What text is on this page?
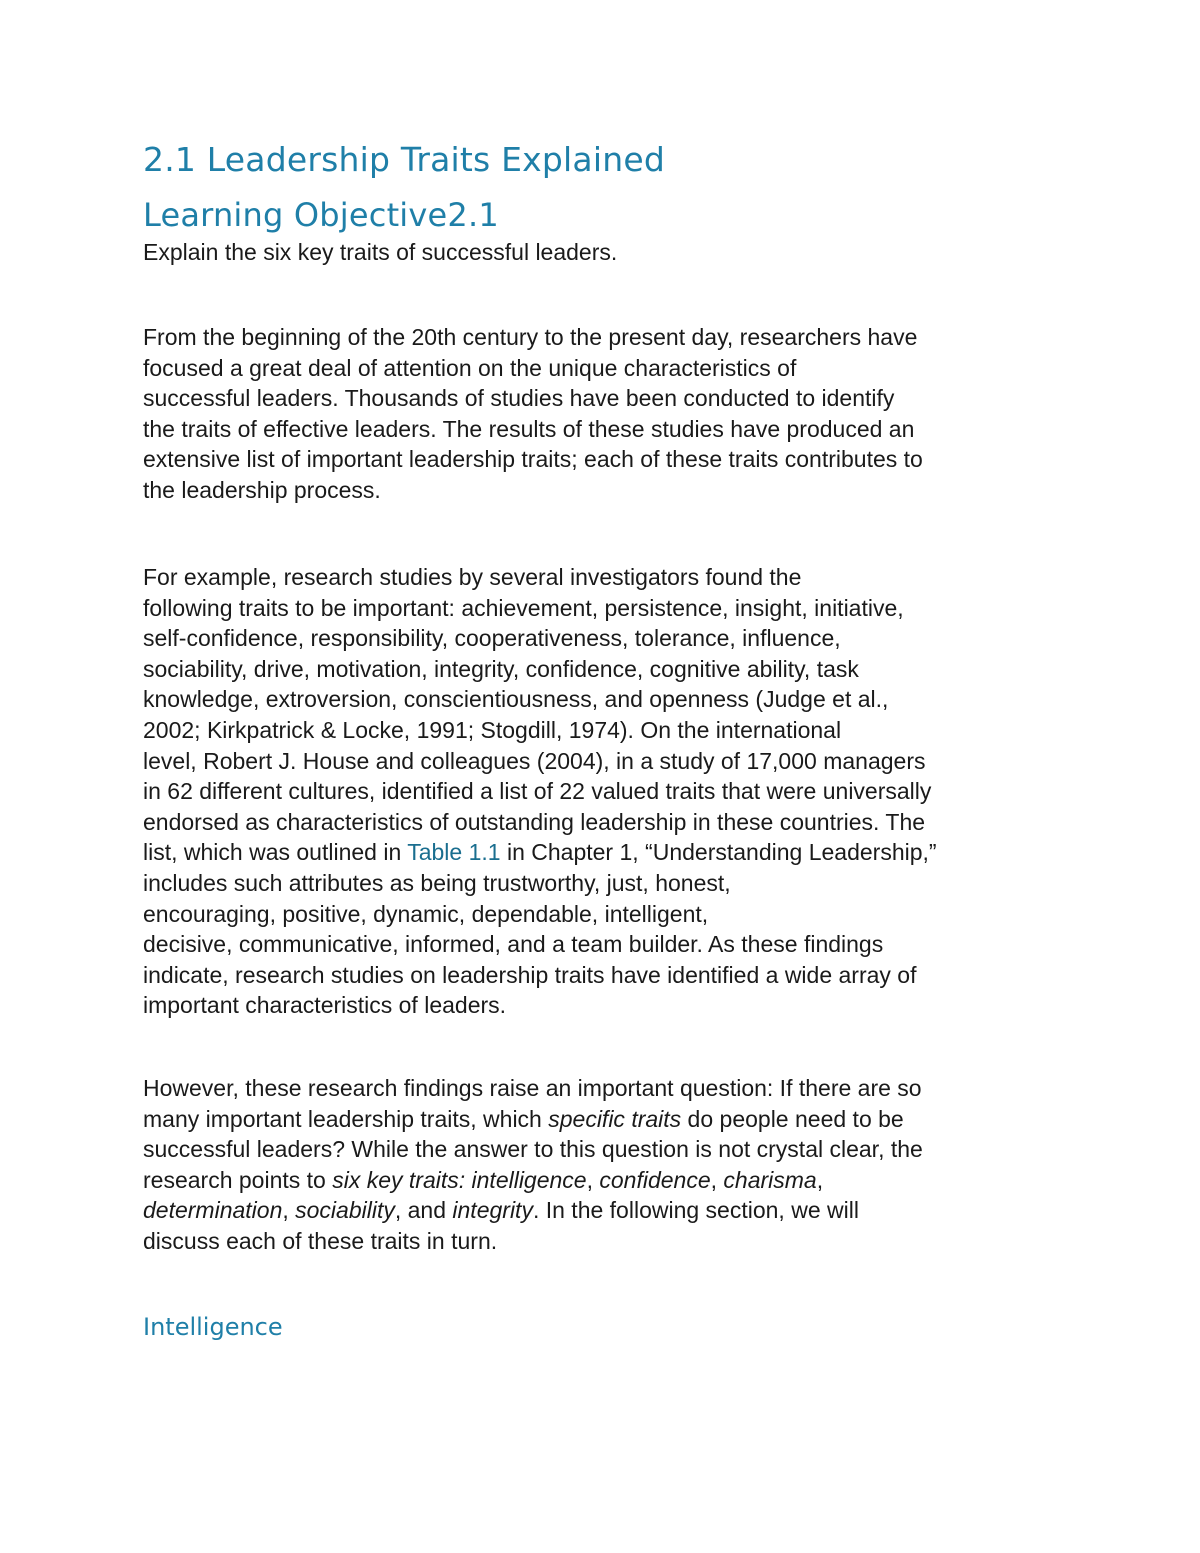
2.1 Leadership Traits Explained
Learning Objective2.1

Explain the six key traits of successful leaders.

From the beginning of the 20th century to the present day, researchers have
focused a great deal of attention on the unique characteristics of
successful leaders. Thousands of studies have been conducted to identify
the traits of effective leaders. The results of these studies have produced an
extensive list of important leadership traits; each of these traits contributes to
the leadership process.

For example, research studies by several investigators found the
following traits to be important: achievement, persistence, insight, initiative,
self-confidence, responsibility, cooperativeness, tolerance, influence,
sociability, drive, motivation, integrity, confidence, cognitive ability, task
knowledge, extroversion, conscientiousness, and openness (Judge et al.,
2002; Kirkpatrick & Locke, 1991; Stogdill, 1974). On the international
level, Robert J. House and colleagues (2004), in a study of 17,000 managers
in 62 different cultures, identified a list of 22 valued traits that were universally
endorsed as characteristics of outstanding leadership in these countries. The
list, which was outlined in Table 1.1 in Chapter 1, “Understanding Leadership,”
includes such attributes as being trustworthy, just, honest,
encouraging, positive, dynamic, dependable, intelligent,
decisive, communicative, informed, and a team builder. As these findings
indicate, research studies on leadership traits have identified a wide array of
important characteristics of leaders.

However, these research findings raise an important question: If there are so
many important leadership traits, which specific traits do people need to be
successful leaders? While the answer to this question is not crystal clear, the
research points to six key traits: intelligence, confidence, charisma,
determination, sociability, and integrity. In the following section, we will
discuss each of these traits in turn.

Intelligence
